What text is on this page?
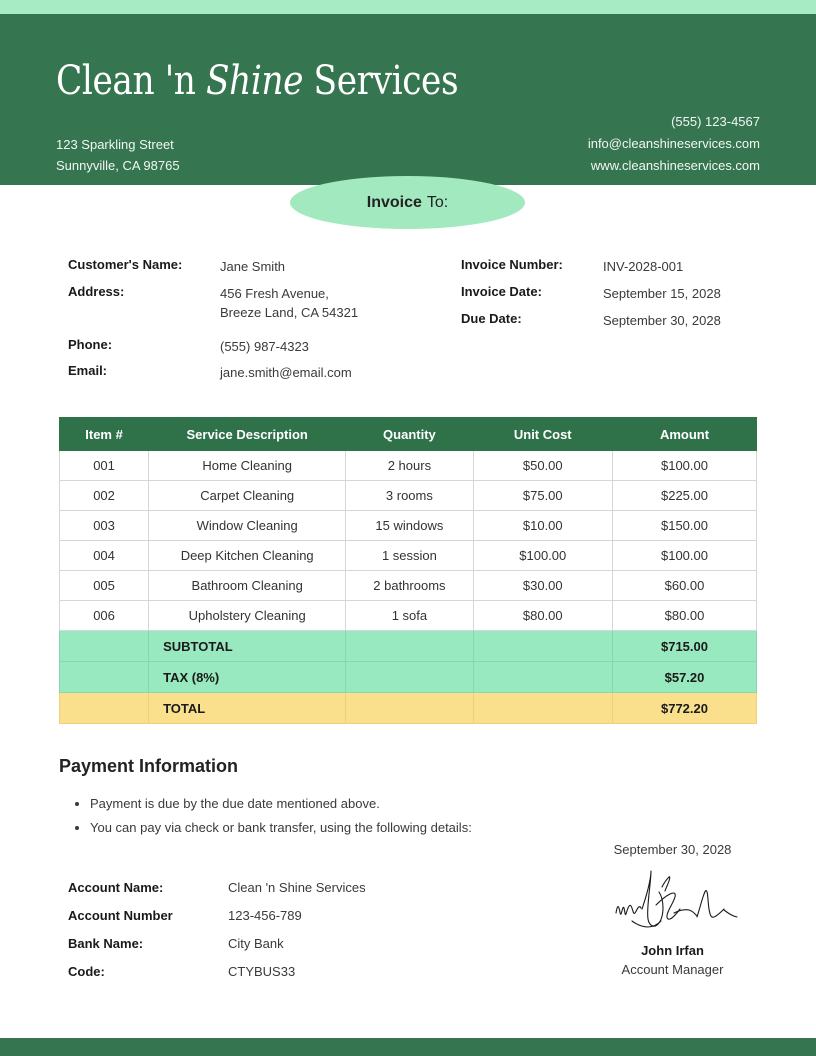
Clean 'n Shine Services
123 Sparkling Street
Sunnyville, CA 98765
(555) 123-4567
info@cleanshineservices.com
www.cleanshineservices.com
Invoice To:
Customer's Name:	Jane Smith
Address:	456 Fresh Avenue,
Breeze Land, CA 54321
Phone:	(555) 987-4323
Email:	jane.smith@email.com
Invoice Number:	INV-2028-001
Invoice Date:	September 15, 2028
Due Date:	September 30, 2028
Item #	Service Description	Quantity	Unit Cost	Amount
001	Home Cleaning	2 hours	$50.00	$100.00
002	Carpet Cleaning	3 rooms	$75.00	$225.00
003	Window Cleaning	15 windows	$10.00	$150.00
004	Deep Kitchen Cleaning	1 session	$100.00	$100.00
005	Bathroom Cleaning	2 bathrooms	$30.00	$60.00
006	Upholstery Cleaning	1 sofa	$80.00	$80.00
	SUBTOTAL			$715.00
	TAX (8%)			$57.20
	TOTAL			$772.20
Payment Information
• Payment is due by the due date mentioned above.
• You can pay via check or bank transfer, using the following details:
Account Name:	Clean 'n Shine Services
Account Number	123-456-789
Bank Name:	City Bank
Code:	CTYBUS33
September 30, 2028
John Irfan
Account Manager
